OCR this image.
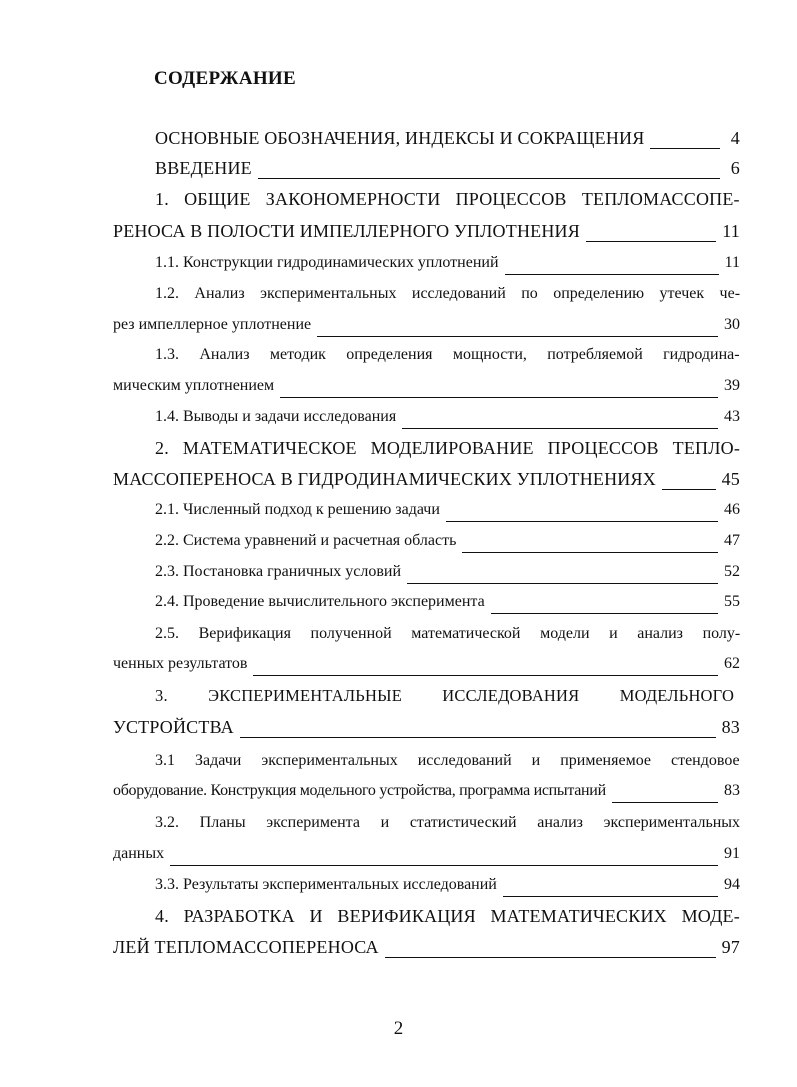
СОДЕРЖАНИЕ
ОСНОВНЫЕ ОБОЗНАЧЕНИЯ, ИНДЕКСЫ И СОКРАЩЕНИЯ	4
ВВЕДЕНИЕ	6
1. ОБЩИЕ ЗАКОНОМЕРНОСТИ ПРОЦЕССОВ ТЕПЛОМАССОПЕ-
РЕНОСА В ПОЛОСТИ ИМПЕЛЛЕРНОГО УПЛОТНЕНИЯ	11
1.1. Конструкции гидродинамических уплотнений	11
1.2. Анализ экспериментальных исследований по определению утечек че-
рез импеллерное уплотнение	30
1.3. Анализ методик определения мощности, потребляемой гидродина-
мическим уплотнением	39
1.4. Выводы и задачи исследования	43
2. МАТЕМАТИЧЕСКОЕ МОДЕЛИРОВАНИЕ ПРОЦЕССОВ ТЕПЛО-
МАССОПЕРЕНОСА В ГИДРОДИНАМИЧЕСКИХ УПЛОТНЕНИЯХ	45
2.1. Численный подход к решению задачи	46
2.2. Система уравнений и расчетная область	47
2.3. Постановка граничных условий	52
2.4. Проведение вычислительного эксперимента	55
2.5. Верификация полученной математической модели и анализ полу-
ченных результатов	62
3. ЭКСПЕРИМЕНТАЛЬНЫЕ ИССЛЕДОВАНИЯ МОДЕЛЬНОГО
УСТРОЙСТВА	83
3.1 Задачи экспериментальных исследований и применяемое стендовое
оборудование. Конструкция модельного устройства, программа испытаний	83
3.2. Планы эксперимента и статистический анализ экспериментальных
данных	91
3.3. Результаты экспериментальных исследований	94
4. РАЗРАБОТКА И ВЕРИФИКАЦИЯ МАТЕМАТИЧЕСКИХ МОДЕ-
ЛЕЙ ТЕПЛОМАССОПЕРЕНОСА	97
2
